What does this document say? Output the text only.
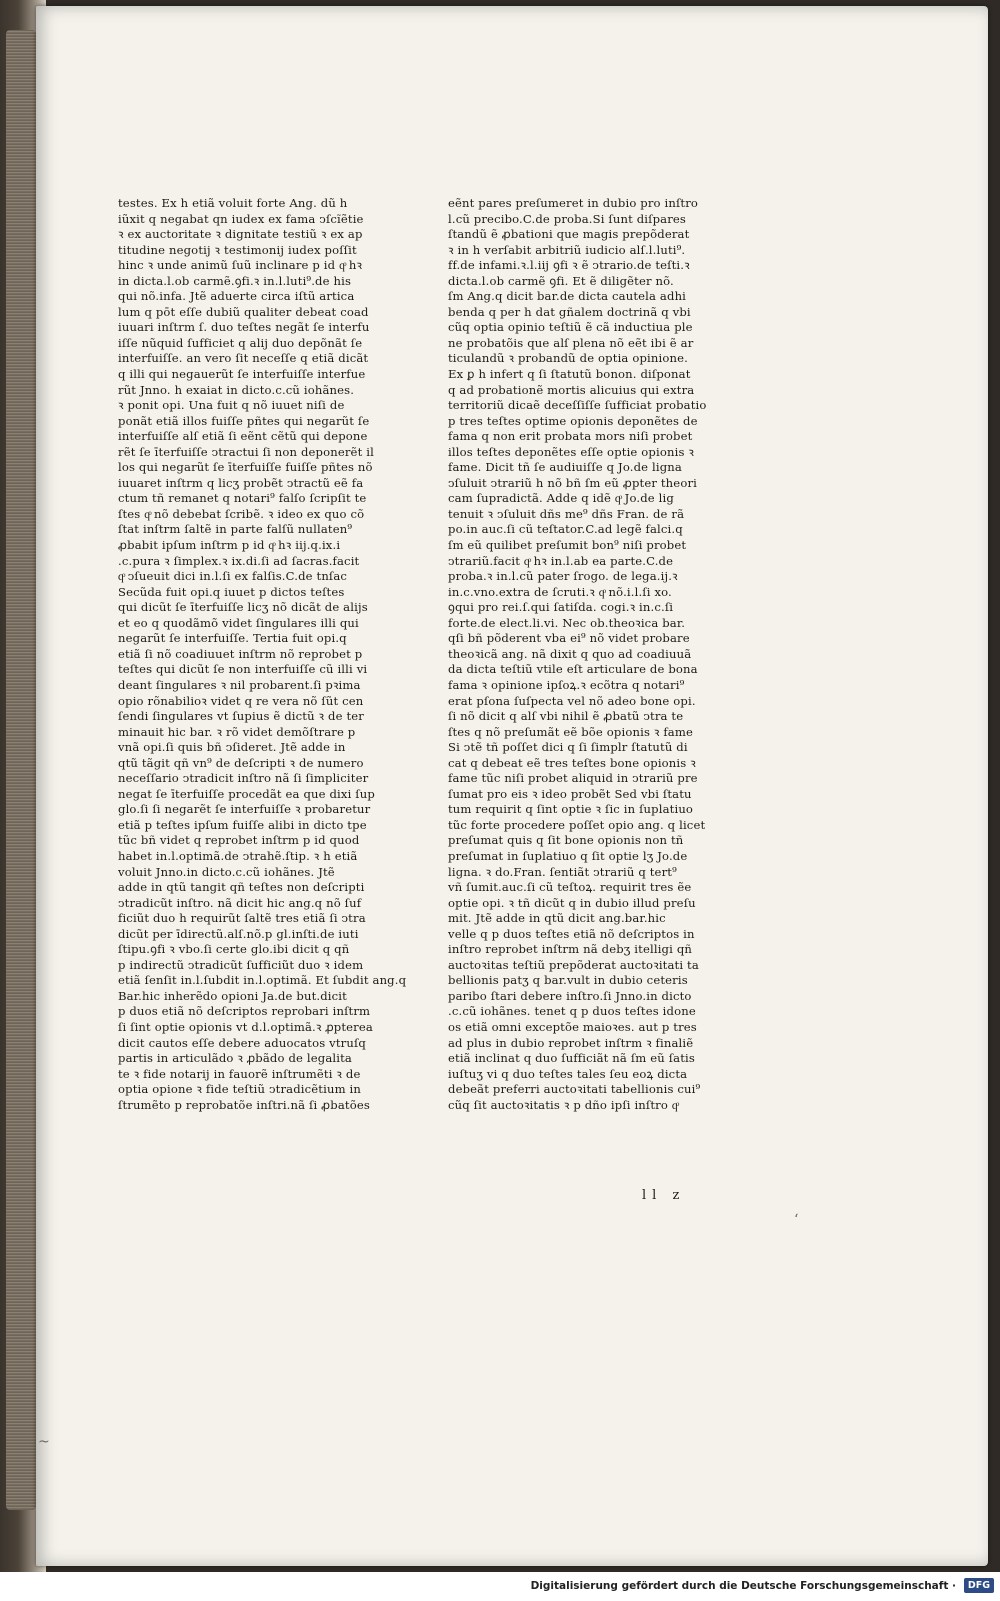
testes. Ex h etiã voluit forte Ang. dũ h
iũxit q negabat qn iudex ex fama ↄſcĩẽtie
ꝛ ex auctoritate ꝛ dignitate testiũ ꝛ ex ap
titudine negotij ꝛ testimonij iudex poſſit
hinc ꝛ unde animũ ſuũ inclinare p id qͦ hꝛ
in dicta.l.ob carmẽ.ꝯfi.ꝛ in.l.luti⁹.de his
qui nõ.infa. Jtẽ aduerte circa iſtũ artica
lum q pōt eſſe dubiũ qualiter debeat coad
iuuari inſtrm ſ. duo teſtes negãt ſe interfu
iſſe nũquid ſufficiet q alij duo depõnãt ſe
interfuiſſe. an vero ſit neceſſe q etiã dicãt
q illi qui negauerũt ſe interfuiſſe interfue
rũt Jnno. h exaiat in dicto.c.cũ iohãnes.
ꝛ ponit opi. Una fuit q nõ iuuet niſi de
ponãt etiã illos fuiſſe pñtes qui negarũt ſe
interfuiſſe alſ etiã ſi eẽnt cẽtũ qui depone
rẽt ſe īterfuiſſe ↄtractui ſi non deponerẽt il
los qui negarũt ſe īterfuiſſe fuiſſe pñtes nõ
iuuaret inſtrm q licʒ probẽt ↄtractũ eẽ fa
ctum tñ remanet q notari⁹ falſo ſcripſit te
ſtes qͦ nõ debebat ſcribẽ. ꝛ ideo ex quo cõ
ſtat inſtrm ſaltẽ in parte falſũ nullaten⁹
ꝓbabit ipſum inſtrm p id qͦ hꝛ iij.q.ix.i
.c.pura ꝛ ſimplex.ꝛ ix.di.ſi ad ſacras.facit
qͦ ↄſueuit dici in.l.ſi ex falſis.C.de tnſac
Secũda fuit opi.q iuuet p dictos teſtes
qui dicũt ſe īterfuiſſe licʒ nõ dicãt de alijs
et eo q quodãmõ videt ſingulares illi qui
negarũt ſe interfuiſſe. Tertia fuit opi.q
etiã ſi nõ coadiuuet inſtrm nõ reprobet p
teſtes qui dicũt ſe non interfuiſſe cũ illi vi
deant ſingulares ꝛ nil probarent.ſi pꝛima
opio rõnabilioꝛ videt q re vera nõ ſũt cen
ſendi ſingulares vt ſupius ẽ dictũ ꝛ de ter
minauit hic bar. ꝛ rõ videt demõſtrare p
vnã opi.ſi quis bñ ↄſideret. Jtẽ adde in
qtũ tãgit qñ vn⁹ de deſcripti ꝛ de numero
neceſſario ↄtradicit inſtro nã ſi ſimpliciter
negat ſe īterfuiſſe procedãt ea que dixi ſup
glo.ſi ſi negarẽt ſe interfuiſſe ꝛ probaretur
etiã p teſtes ipſum fuiſſe alibi in dicto tpe
tũc bñ videt q reprobet inſtrm p id quod
habet in.l.optimã.de ↄtrahẽ.ſtip. ꝛ h etiã
voluit Jnno.in dicto.c.cũ iohãnes. Jtẽ
adde in qtũ tangit qñ teſtes non deſcripti
ↄtradicũt inſtro. nã dicit hic ang.q nõ ſuf
ficiũt duo h requirũt ſaltẽ tres etiã ſi ↄtra
dicũt per īdirectũ.alſ.nõ.p gl.inſti.de iuti
ſtipu.ꝯfi ꝛ vbo.ſi certe glo.ibi dicit q qñ
p indirectũ ↄtradicũt ſufficiũt duo ꝛ idem
etiã ſenſit in.l.ſubdit in.l.optimã. Et ſubdit ang.q
Bar.hic inherẽdo opioni Ja.de but.dicit
p duos etiã nõ deſcriptos reprobari inſtrm
ſi ſint optie opionis vt d.l.optimã.ꝛ ꝓpterea
dicit cautos eſſe debere aduocatos vtruſq
partis in articulãdo ꝛ ꝓbãdo de legalita
te ꝛ fide notarij in fauorẽ inſtrumẽti ꝛ de
optia opione ꝛ fide teſtiũ ↄtradicẽtium in
ſtrumẽto p reprobatõe inſtri.nã ſi ꝓbatões
eẽnt pares preſumeret in dubio pro inſtro
l.cũ precibo.C.de proba.Si ſunt diſpares
ſtandũ ẽ ꝓbationi que magis prepõderat
ꝛ in h verſabit arbitriũ iudicio alſ.l.luti⁹.
ff.de infami.ꝛ.l.iij ꝯfi ꝛ ẽ ↄtrario.de teſti.ꝛ
dicta.l.ob carmẽ ꝯfi. Et ẽ diligẽter nõ.
ſm Ang.q dicit bar.de dicta cautela adhi
benda q per h dat gñalem doctrinã q vbi
cũq optia opinio teſtiũ ẽ cã inductiua ple
ne probatõis que alſ plena nõ eẽt ibi ẽ ar
ticulandũ ꝛ probandũ de optia opinione.
Ex ꝑ h infert q ſi ſtatutũ bonon. diſponat
q ad probationẽ mortis alicuius qui extra
territoriũ dicaẽ deceſſiſſe ſufficiat probatio
p tres teſtes optime opionis deponẽtes de
fama q non erit probata mors niſi probet
illos teſtes deponẽtes eſſe optie opionis ꝛ
fame. Dicit tñ ſe audiuiſſe q Jo.de ligna
ↄſuluit ↄtrariũ h nõ bñ ſm eũ ꝓpter theori
cam ſupradictã. Adde q idẽ qͦ Jo.de lig
tenuit ꝛ ↄſuluit dñs me⁹ dñs Fran. de rã
po.in auc.ſi cũ teſtator.C.ad legẽ falci.q
ſm eũ quilibet preſumit bon⁹ niſi probet
ↄtrariũ.facit qͦ hꝛ in.l.ab ea parte.C.de
proba.ꝛ in.l.cũ pater ſrogo. de lega.ij.ꝛ
in.c.vno.extra de ſcruti.ꝛ qͦ nõ.i.l.ſi xo.
ꝯqui pro rei.ſ.qui ſatiſda. cogi.ꝛ in.c.ſi
forte.de elect.li.vi. Nec ob.theoꝛica bar.
qſi bñ põderent vba ei⁹ nõ videt probare
theoꝛicã ang. nã dixit q quo ad coadiuuã
da dicta teſtiũ vtile eſt articulare de bona
fama ꝛ opinione ipſoꝝ.ꝛ ecõtra q notari⁹
erat pſona ſuſpecta vel nõ adeo bone opi.
ſi nõ dicit q alſ vbi nihil ẽ ꝓbatũ ↄtra te
ſtes q nõ preſumãt eẽ bõe opionis ꝛ fame
Si ↄtẽ tñ poſſet dici q ſi ſimplr ſtatutũ di
cat q debeat eẽ tres teſtes bone opionis ꝛ
fame tũc niſi probet aliquid in ↄtrariũ pre
ſumat pro eis ꝛ ideo probẽt Sed vbi ſtatu
tum requirit q ſint optie ꝛ ſic in ſuplatiuo
tũc forte procedere poſſet opio ang. q licet
preſumat quis q ſit bone opionis non tñ
preſumat in ſuplatiuo q ſit optie lʒ Jo.de
ligna. ꝛ do.Fran. ſentiãt ↄtrariũ q tert⁹
vñ ſumit.auc.ſi cũ teſtoꝝ. requirit tres ẽe
optie opi. ꝛ tñ dicũt q in dubio illud preſu
mit. Jtẽ adde in qtũ dicit ang.bar.hic
velle q p duos teſtes etiã nõ deſcriptos in
inſtro reprobet inſtrm nã debʒ itelligi qñ
auctoꝛitas teſtiũ prepõderat auctoꝛitati ta
bellionis patʒ q bar.vult in dubio ceteris
paribo ſtari debere inſtro.ſi Jnno.in dicto
.c.cũ iohãnes. tenet q p duos teſtes idone
os etiã omni exceptõe maioꝛes. aut p tres
ad plus in dubio reprobet inſtrm ꝛ finaliẽ
etiã inclinat q duo ſufficiãt nã ſm eũ ſatis
iuſtuʒ vi q duo teſtes tales ſeu eoꝝ dicta
debeãt preferri auctoꝛitati tabellionis cui⁹
cũq ſit auctoꝛitatis ꝛ p dño ipſi inſtro qͦ
ll z
‘
~
Digitalisierung gefördert durch die Deutsche Forschungsgemeinschaft ·	DFG
